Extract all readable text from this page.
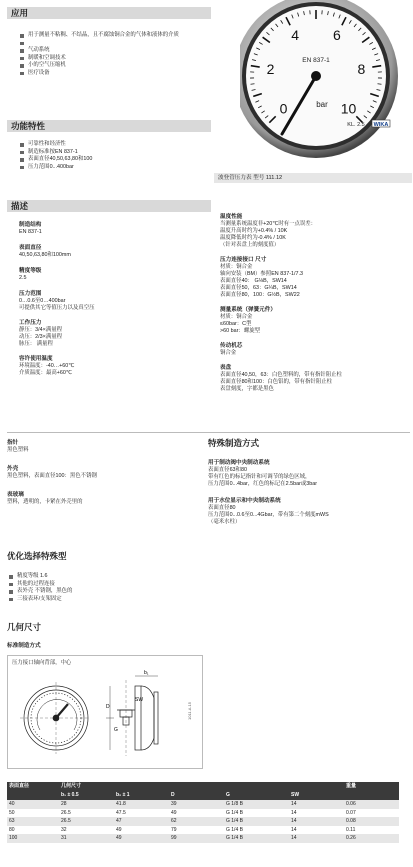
应用
用于测量不粘稠、不结晶，且不腐蚀铜合金的气体和液体的介质
气动系统
制暖和空调技术
小的空气压缩机
医疗设备
0
2
4 6
8
10
EN 837-1
bar
KL. 2.5 WIKA
功能特性
可靠性和经济性
制造标准按EN 837-1
表面直径40,50,63,80和100
压力范围0...400bar
波登管压力表 型号 111.12
描述
制造结构
EN 837-1
表面直径
40,50,63,80和100mm
精度等级
2.5
压力范围
0…0.6至0…400bar
可提供其它等值压力以及真空压
工作压力
静压：3/4×满量程
动压：2/3×满量程
脉压： 满量程
容许使用温度
环境温度：-40…+60℃
介质温度：最高+60℃
温度性能
当测量系统温度非+20℃时有一点误差：
温度升高时约为+0.4% / 10K
温度降低时约为-0.4% / 10K
（针对表盘上的刻度值）
压力连接接口 尺寸
材质：铜合金
轴向安装（BM）参照EN 837-1/7.3
表面直径40： G⅛B，SW14
表面直径50，63：G¼B，SW14
表面直径80，100：G½B，SW22
测量系统（弹簧元件）
材质：铜合金
≤60bar：C型
>60 bar：螺旋型
传动机芯
铜合金
表盘
表面直径40,50，63：白色塑料的，带有指针阻止柱
表面直径80和100：白色铝的，带有指针阻止柱
表盘刻度，字都是黑色
指针
黑色塑料
外壳
黑色塑料，表面直径100：黑色不锈钢
表玻璃
塑料，透明的，卡紧在外壳里的
特殊制造方式
用于制动阀中央制动系统
表面直径63和80
带有红色的标记指针和可调节的绿色区域，
压力范围0...4bar，红色的标记在2.5bar或3bar
用于水位显示和中央制动系统
表面直径80
压力范围0...0.6至0...4Gbar，带有第二个刻度mWS
（毫米水柱）
优化选择特殊型
精度等级 1.6
其他的过程连接
表外壳 不锈钢，黑色的
三接表环/支架固定
几何尺寸
标准制造方式
压力接口轴向背部，中心
SW
G
D
b₁
1011.A.15
表面直径	几何尺寸					重量
	b₁ ± 0.5	b₂ ± 1	D	G	SW	
40	28	41.8	39	G 1/8 B	14	0.06
50	26.5	47.5	49	G 1/4 B	14	0.07
63	26.5	47	62	G 1/4 B	14	0.08
80	32	49	79	G 1/4 B	14	0.11
100	31	49	99	G 1/4 B	14	0.26
